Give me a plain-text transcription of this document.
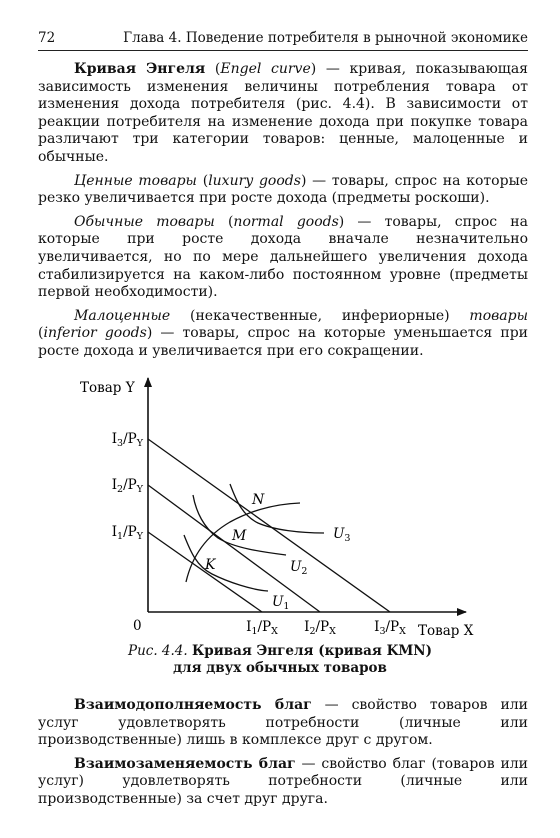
72	Глава 4. Поведение потребителя в рыночной экономике

Кривая Энгеля (Engel curve) — кривая, показывающая зависимость изменения величины потребления товара от изменения дохода потребителя (рис. 4.4). В зависимости от реакции потребителя на изменение дохода при покупке товара различают три категории товаров: ценные, малоценные и обычные.

Ценные товары (luxury goods) — товары, спрос на которые резко увеличивается при росте дохода (предметы роскоши).

Обычные товары (normal goods) — товары, спрос на которые при росте дохода вначале незначительно увеличивается, но по мере дальнейшего увеличения дохода стабилизируется на каком-либо постоянном уровне (предметы первой необходимости).

Малоценные (некачественные, инфериорные) товары (inferior goods) — товары, спрос на которые уменьшается при росте дохода и увеличивается при его сокращении.

Товар Y
Товар X
0
$I_3/P_Y$
$I_2/P_Y$
$I_1/P_Y$
$I_1/P_X$ $I_2/P_X$	$I_3/P_X$
K
M
N
$U_1$
$U_2$
$U_3$
Рис. 4.4. Кривая Энгеля (кривая KMN)
для двух обычных товаров

Взаимодополняемость благ — свойство товаров или услуг удовлетворять потребности (личные или производственные) лишь в комплексе друг с другом.

Взаимозаменяемость благ — свойство благ (товаров или услуг) удовлетворять потребности (личные или производственные) за счет друг друга.
